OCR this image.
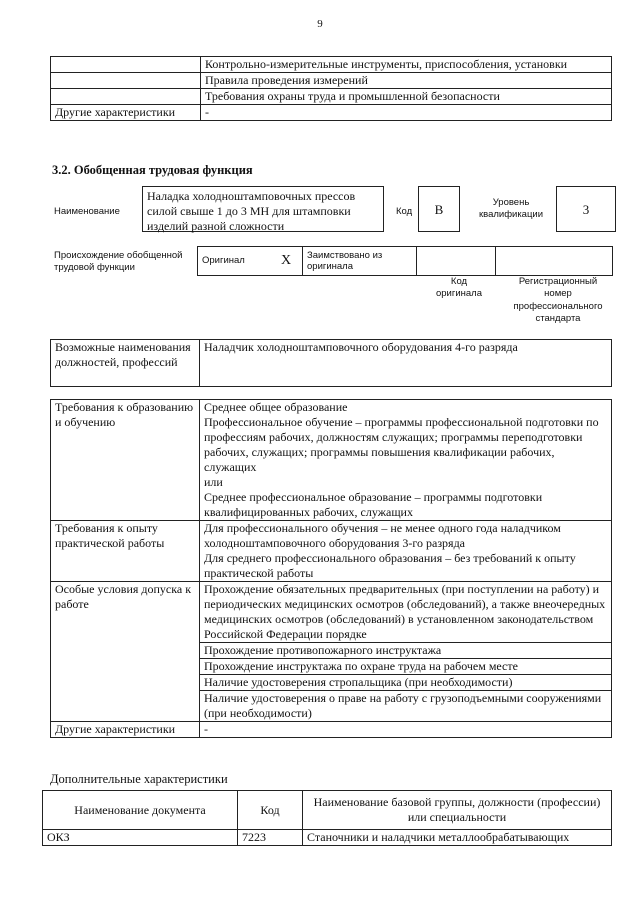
9
	Контрольно-измерительные инструменты, приспособления, установки
	Правила проведения измерений
	Требования охраны труда и промышленной безопасности
Другие характеристики	-
3.2. Обобщенная трудовая функция
Наименование
Наладка холодноштамповочных прессов силой свыше 1 до 3 МН для штамповки изделий разной сложности
Код	В	Уровень квалификации	3
Происхождение обобщенной трудовой функции
Оригинал	X	Заимствовано из оригинала		
Код оригинала
Регистрационный номер профессионального стандарта
Возможные наименования должностей, профессий	Наладчик холодноштамповочного оборудования 4-го разряда
Требования к образованию и обучению	Среднее общее образование
Профессиональное обучение – программы профессиональной подготовки по профессиям рабочих, должностям служащих; программы переподготовки рабочих, служащих; программы повышения квалификации рабочих, служащих
или
Среднее профессиональное образование – программы подготовки квалифицированных рабочих, служащих

Требования к опыту практической работы	Для профессионального обучения – не менее одного года наладчиком холодноштамповочного оборудования 3-го разряда
Для среднего профессионального образования – без требований к опыту практической работы

Особые условия допуска к работе	Прохождение обязательных предварительных (при поступлении на работу) и периодических медицинских осмотров (обследований), а также внеочередных медицинских осмотров (обследований) в установленном законодательством Российской Федерации порядке
Прохождение противопожарного инструктажа
Прохождение инструктажа по охране труда на рабочем месте
Наличие удостоверения стропальщика (при необходимости)
Наличие удостоверения о праве на работу с грузоподъемными сооружениями (при необходимости)

Другие характеристики	-
Дополнительные характеристики
Наименование документа	Код	Наименование базовой группы, должности (профессии) или специальности
ОКЗ	7223	Станочники и наладчики металлообрабатывающих
